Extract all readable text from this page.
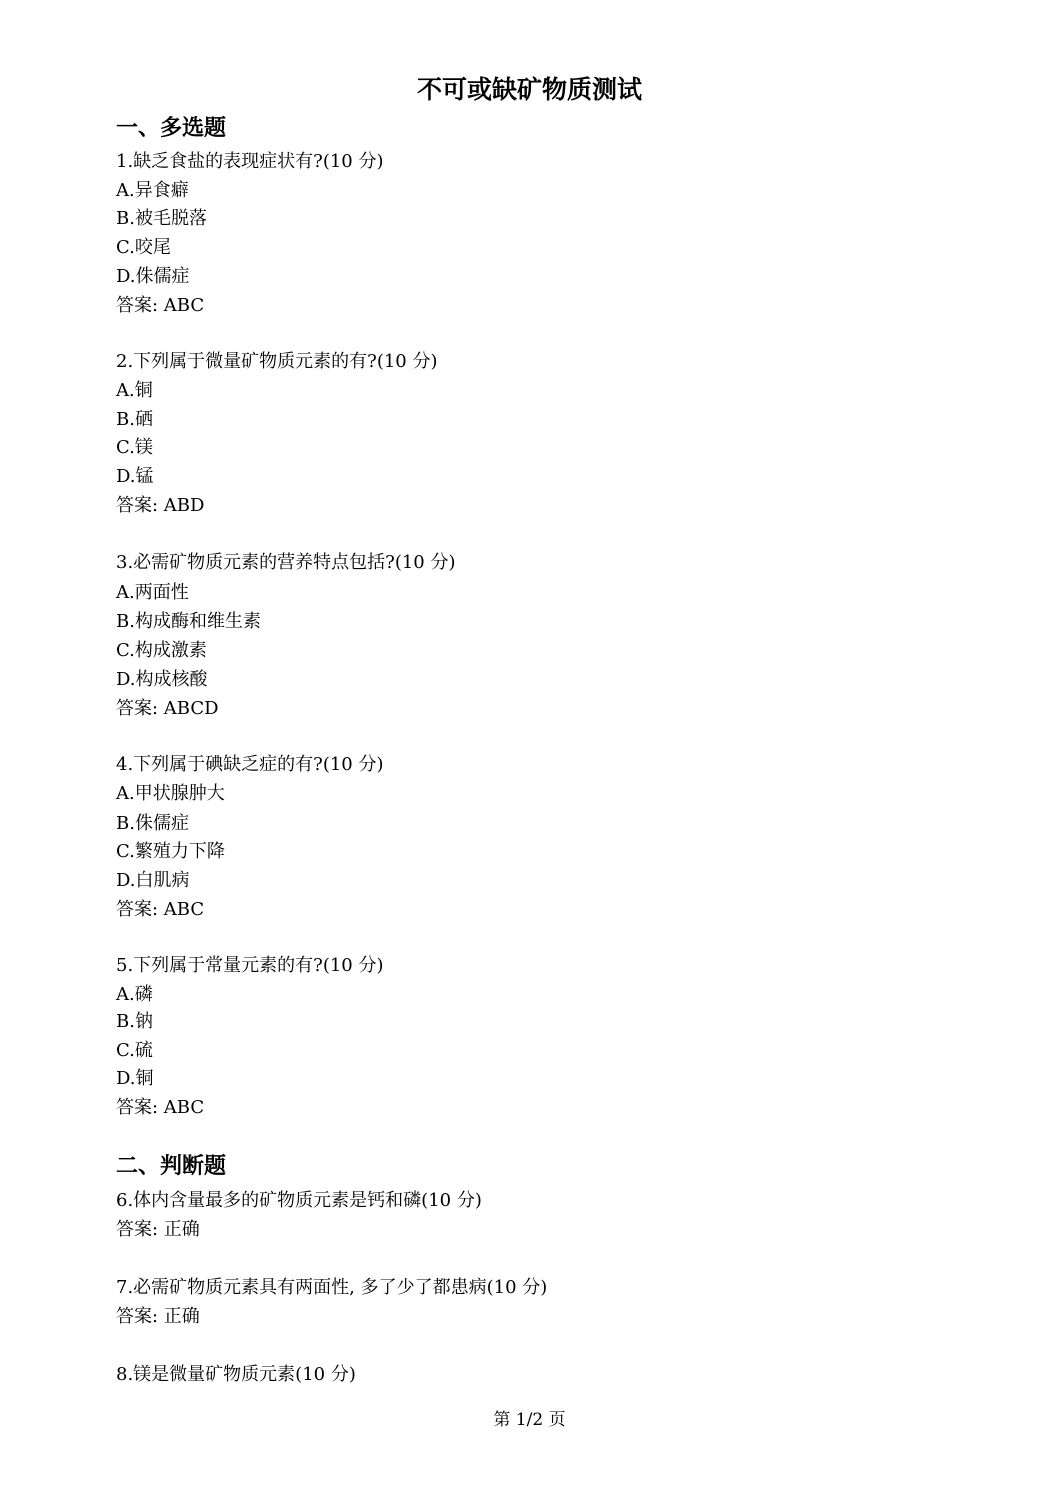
不可或缺矿物质测试
一、多选题
1.缺乏食盐的表现症状有?(10 分)
A.异食癖
B.被毛脱落
C.咬尾
D.侏儒症
答案: ABC
2.下列属于微量矿物质元素的有?(10 分)
A.铜
B.硒
C.镁
D.锰
答案: ABD
3.必需矿物质元素的营养特点包括?(10 分)
A.两面性
B.构成酶和维生素
C.构成激素
D.构成核酸
答案: ABCD
4.下列属于碘缺乏症的有?(10 分)
A.甲状腺肿大
B.侏儒症
C.繁殖力下降
D.白肌病
答案: ABC
5.下列属于常量元素的有?(10 分)
A.磷
B.钠
C.硫
D.铜
答案: ABC
二、判断题
6.体内含量最多的矿物质元素是钙和磷(10 分)
答案: 正确
7.必需矿物质元素具有两面性, 多了少了都患病(10 分)
答案: 正确
8.镁是微量矿物质元素(10 分)
第 1/2 页
